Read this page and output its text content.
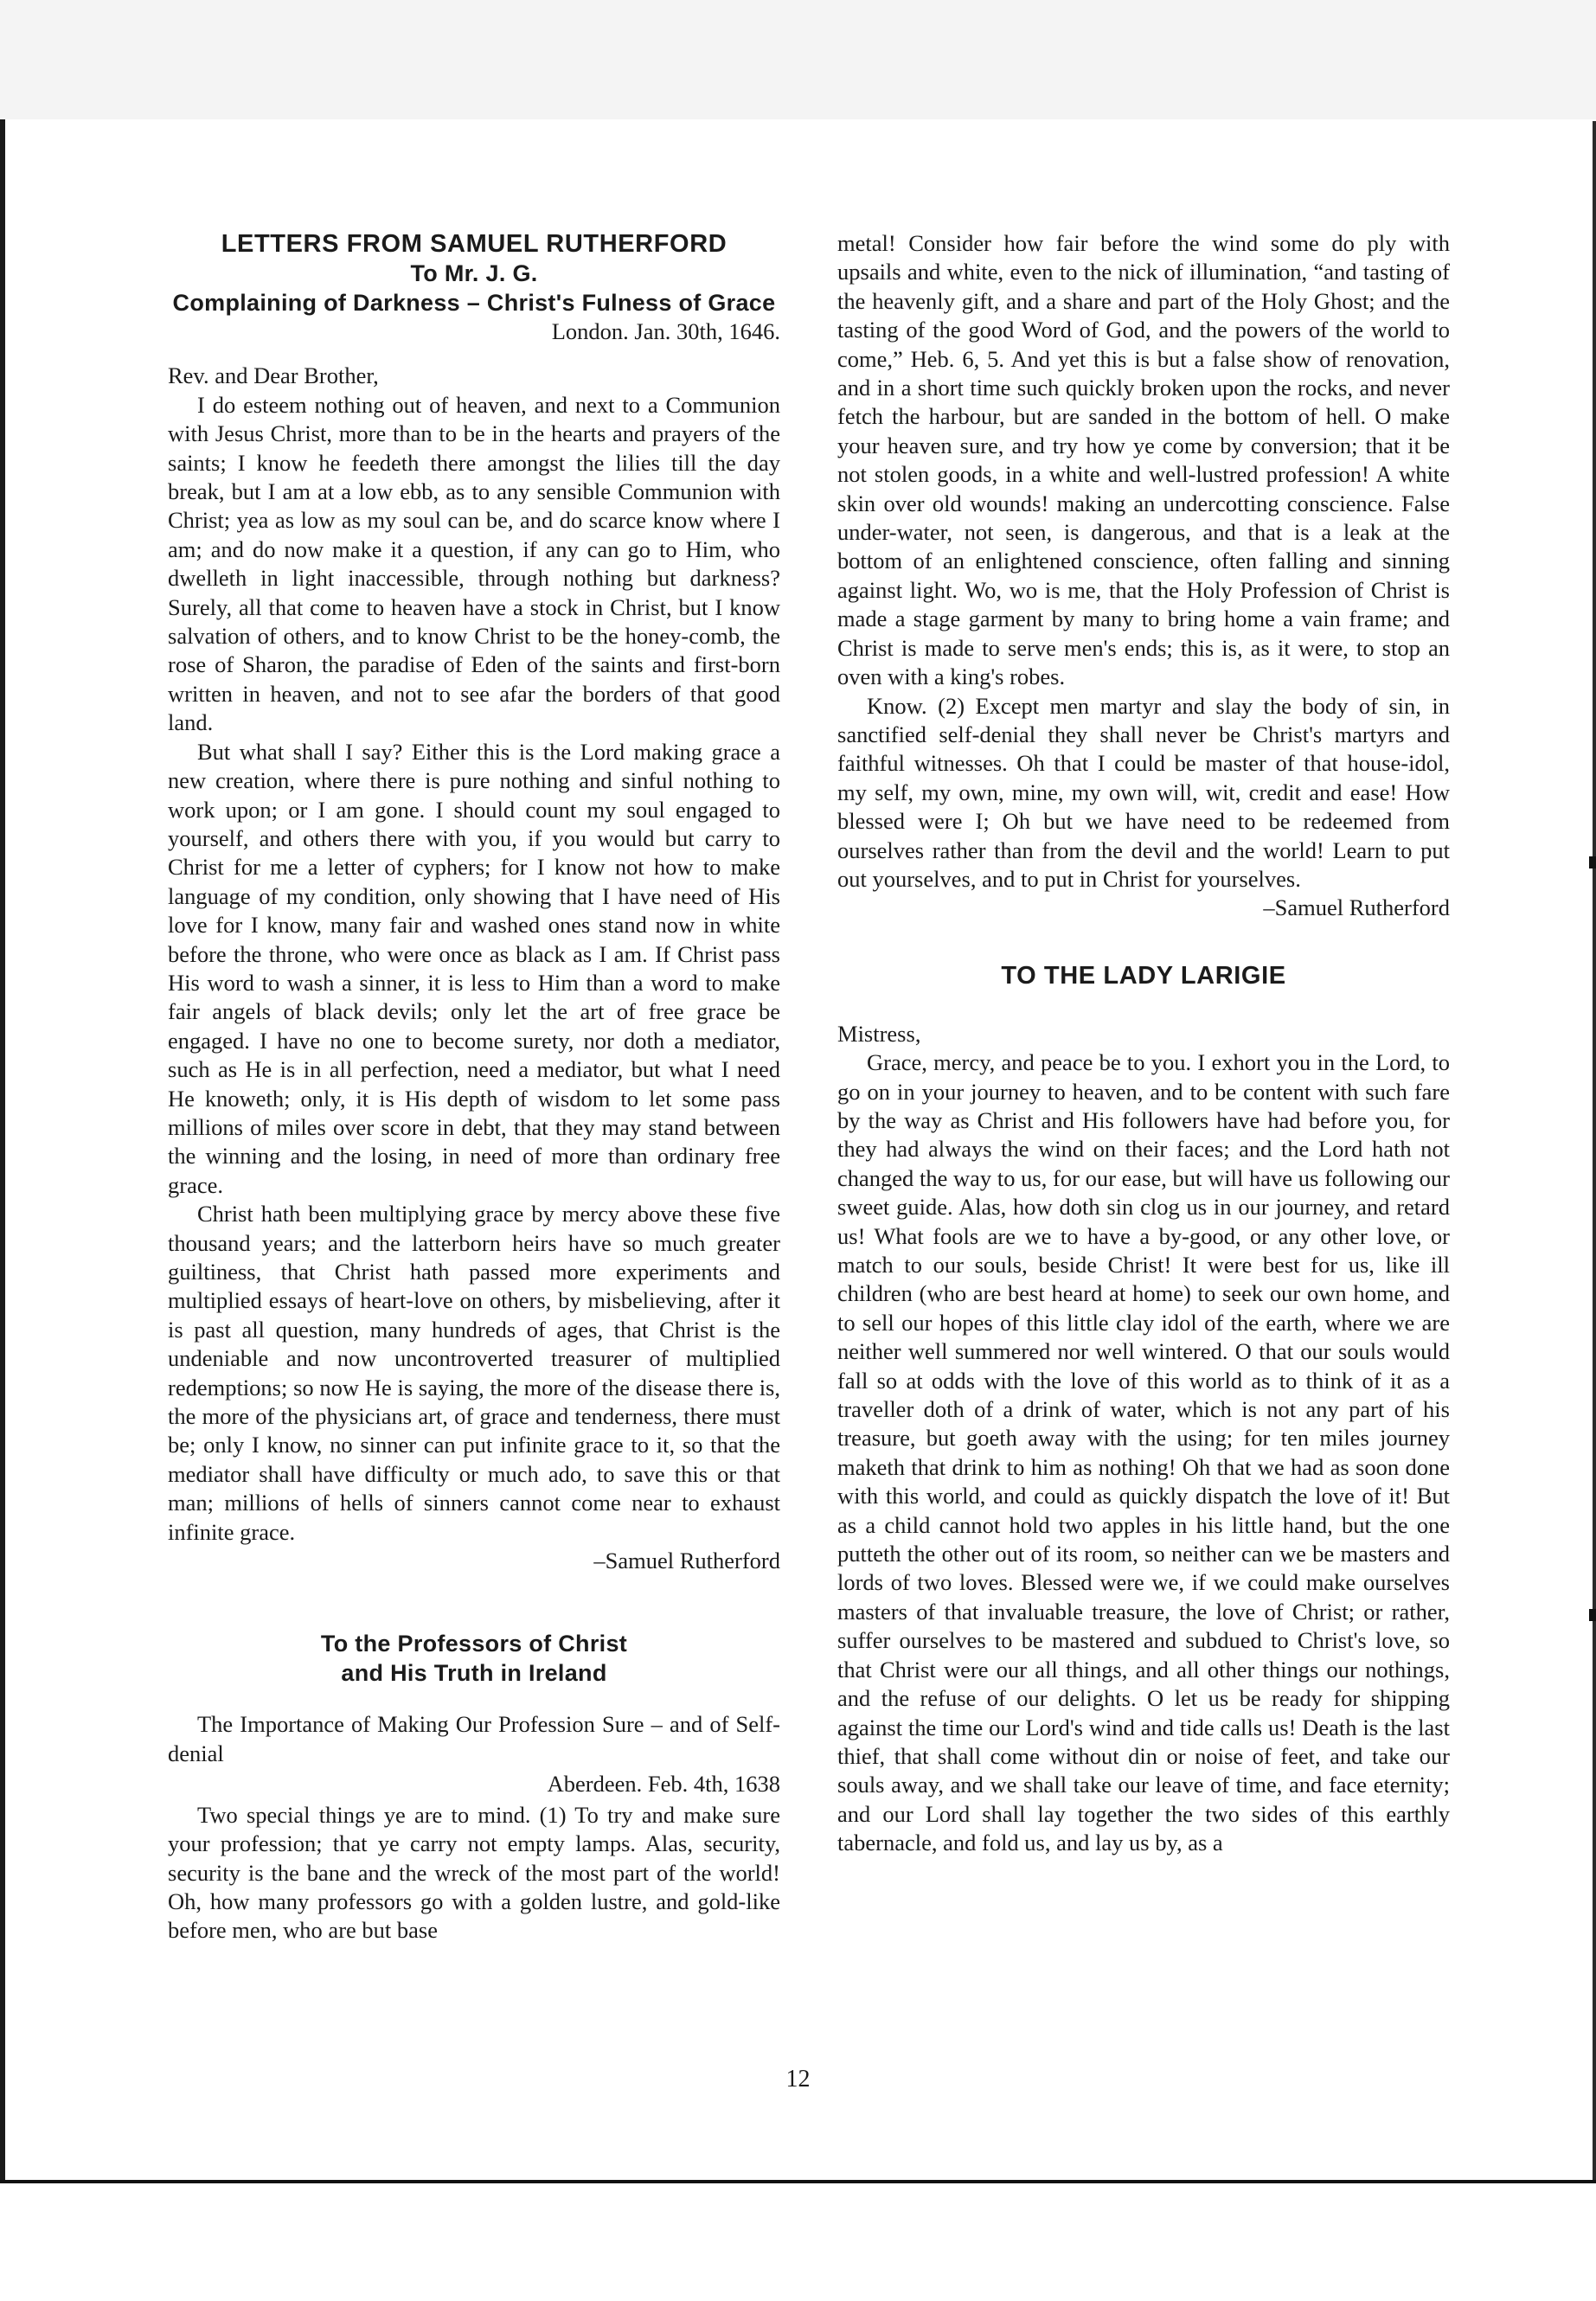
LETTERS FROM SAMUEL RUTHERFORD
To Mr. J. G.
Complaining of Darkness – Christ's Fulness of Grace

London. Jan. 30th, 1646.

Rev. and Dear Brother,

I do esteem nothing out of heaven, and next to a Communion with Jesus Christ, more than to be in the hearts and prayers of the saints; I know he feedeth there amongst the lilies till the day break, but I am at a low ebb, as to any sensible Communion with Christ; yea as low as my soul can be, and do scarce know where I am; and do now make it a question, if any can go to Him, who dwelleth in light inaccessible, through nothing but darkness? Surely, all that come to heaven have a stock in Christ, but I know salvation of others, and to know Christ to be the honey-comb, the rose of Sharon, the paradise of Eden of the saints and first-born written in heaven, and not to see afar the borders of that good land.

But what shall I say? Either this is the Lord making grace a new creation, where there is pure nothing and sinful nothing to work upon; or I am gone. I should count my soul engaged to yourself, and others there with you, if you would but carry to Christ for me a letter of cyphers; for I know not how to make language of my condition, only showing that I have need of His love for I know, many fair and washed ones stand now in white before the throne, who were once as black as I am. If Christ pass His word to wash a sinner, it is less to Him than a word to make fair angels of black devils; only let the art of free grace be engaged. I have no one to become surety, nor doth a mediator, such as He is in all perfection, need a mediator, but what I need He knoweth; only, it is His depth of wisdom to let some pass millions of miles over score in debt, that they may stand between the winning and the losing, in need of more than ordinary free grace.

Christ hath been multiplying grace by mercy above these five thousand years; and the latterborn heirs have so much greater guiltiness, that Christ hath passed more experiments and multiplied essays of heart-love on others, by misbelieving, after it is past all question, many hundreds of ages, that Christ is the undeniable and now uncontroverted treasurer of multiplied redemptions; so now He is saying, the more of the disease there is, the more of the physicians art, of grace and tenderness, there must be; only I know, no sinner can put infinite grace to it, so that the mediator shall have difficulty or much ado, to save this or that man; millions of hells of sinners cannot come near to exhaust infinite grace.

–Samuel Rutherford

To the Professors of Christ
and His Truth in Ireland

The Importance of Making Our Profession Sure – and of Self-denial

Aberdeen. Feb. 4th, 1638

Two special things ye are to mind. (1) To try and make sure your profession; that ye carry not empty lamps. Alas, security, security is the bane and the wreck of the most part of the world! Oh, how many professors go with a golden lustre, and gold-like before men, who are but base

metal! Consider how fair before the wind some do ply with upsails and white, even to the nick of illumination, “and tasting of the heavenly gift, and a share and part of the Holy Ghost; and the tasting of the good Word of God, and the powers of the world to come,” Heb. 6, 5. And yet this is but a false show of renovation, and in a short time such quickly broken upon the rocks, and never fetch the harbour, but are sanded in the bottom of hell. O make your heaven sure, and try how ye come by conversion; that it be not stolen goods, in a white and well-lustred profession! A white skin over old wounds! making an undercotting conscience. False under-water, not seen, is dangerous, and that is a leak at the bottom of an enlightened conscience, often falling and sinning against light. Wo, wo is me, that the Holy Profession of Christ is made a stage garment by many to bring home a vain frame; and Christ is made to serve men's ends; this is, as it were, to stop an oven with a king's robes.

Know. (2) Except men martyr and slay the body of sin, in sanctified self-denial they shall never be Christ's martyrs and faithful witnesses. Oh that I could be master of that house-idol, my self, my own, mine, my own will, wit, credit and ease! How blessed were I; Oh but we have need to be redeemed from ourselves rather than from the devil and the world! Learn to put out yourselves, and to put in Christ for yourselves.

–Samuel Rutherford

TO THE LADY LARIGIE

Mistress,

Grace, mercy, and peace be to you. I exhort you in the Lord, to go on in your journey to heaven, and to be content with such fare by the way as Christ and His followers have had before you, for they had always the wind on their faces; and the Lord hath not changed the way to us, for our ease, but will have us following our sweet guide. Alas, how doth sin clog us in our journey, and retard us! What fools are we to have a by-good, or any other love, or match to our souls, beside Christ! It were best for us, like ill children (who are best heard at home) to seek our own home, and to sell our hopes of this little clay idol of the earth, where we are neither well summered nor well wintered. O that our souls would fall so at odds with the love of this world as to think of it as a traveller doth of a drink of water, which is not any part of his treasure, but goeth away with the using; for ten miles journey maketh that drink to him as nothing! Oh that we had as soon done with this world, and could as quickly dispatch the love of it! But as a child cannot hold two apples in his little hand, but the one putteth the other out of its room, so neither can we be masters and lords of two loves. Blessed were we, if we could make ourselves masters of that invaluable treasure, the love of Christ; or rather, suffer ourselves to be mastered and subdued to Christ's love, so that Christ were our all things, and all other things our nothings, and the refuse of our delights. O let us be ready for shipping against the time our Lord's wind and tide calls us! Death is the last thief, that shall come without din or noise of feet, and take our souls away, and we shall take our leave of time, and face eternity; and our Lord shall lay together the two sides of this earthly tabernacle, and fold us, and lay us by, as a

12
